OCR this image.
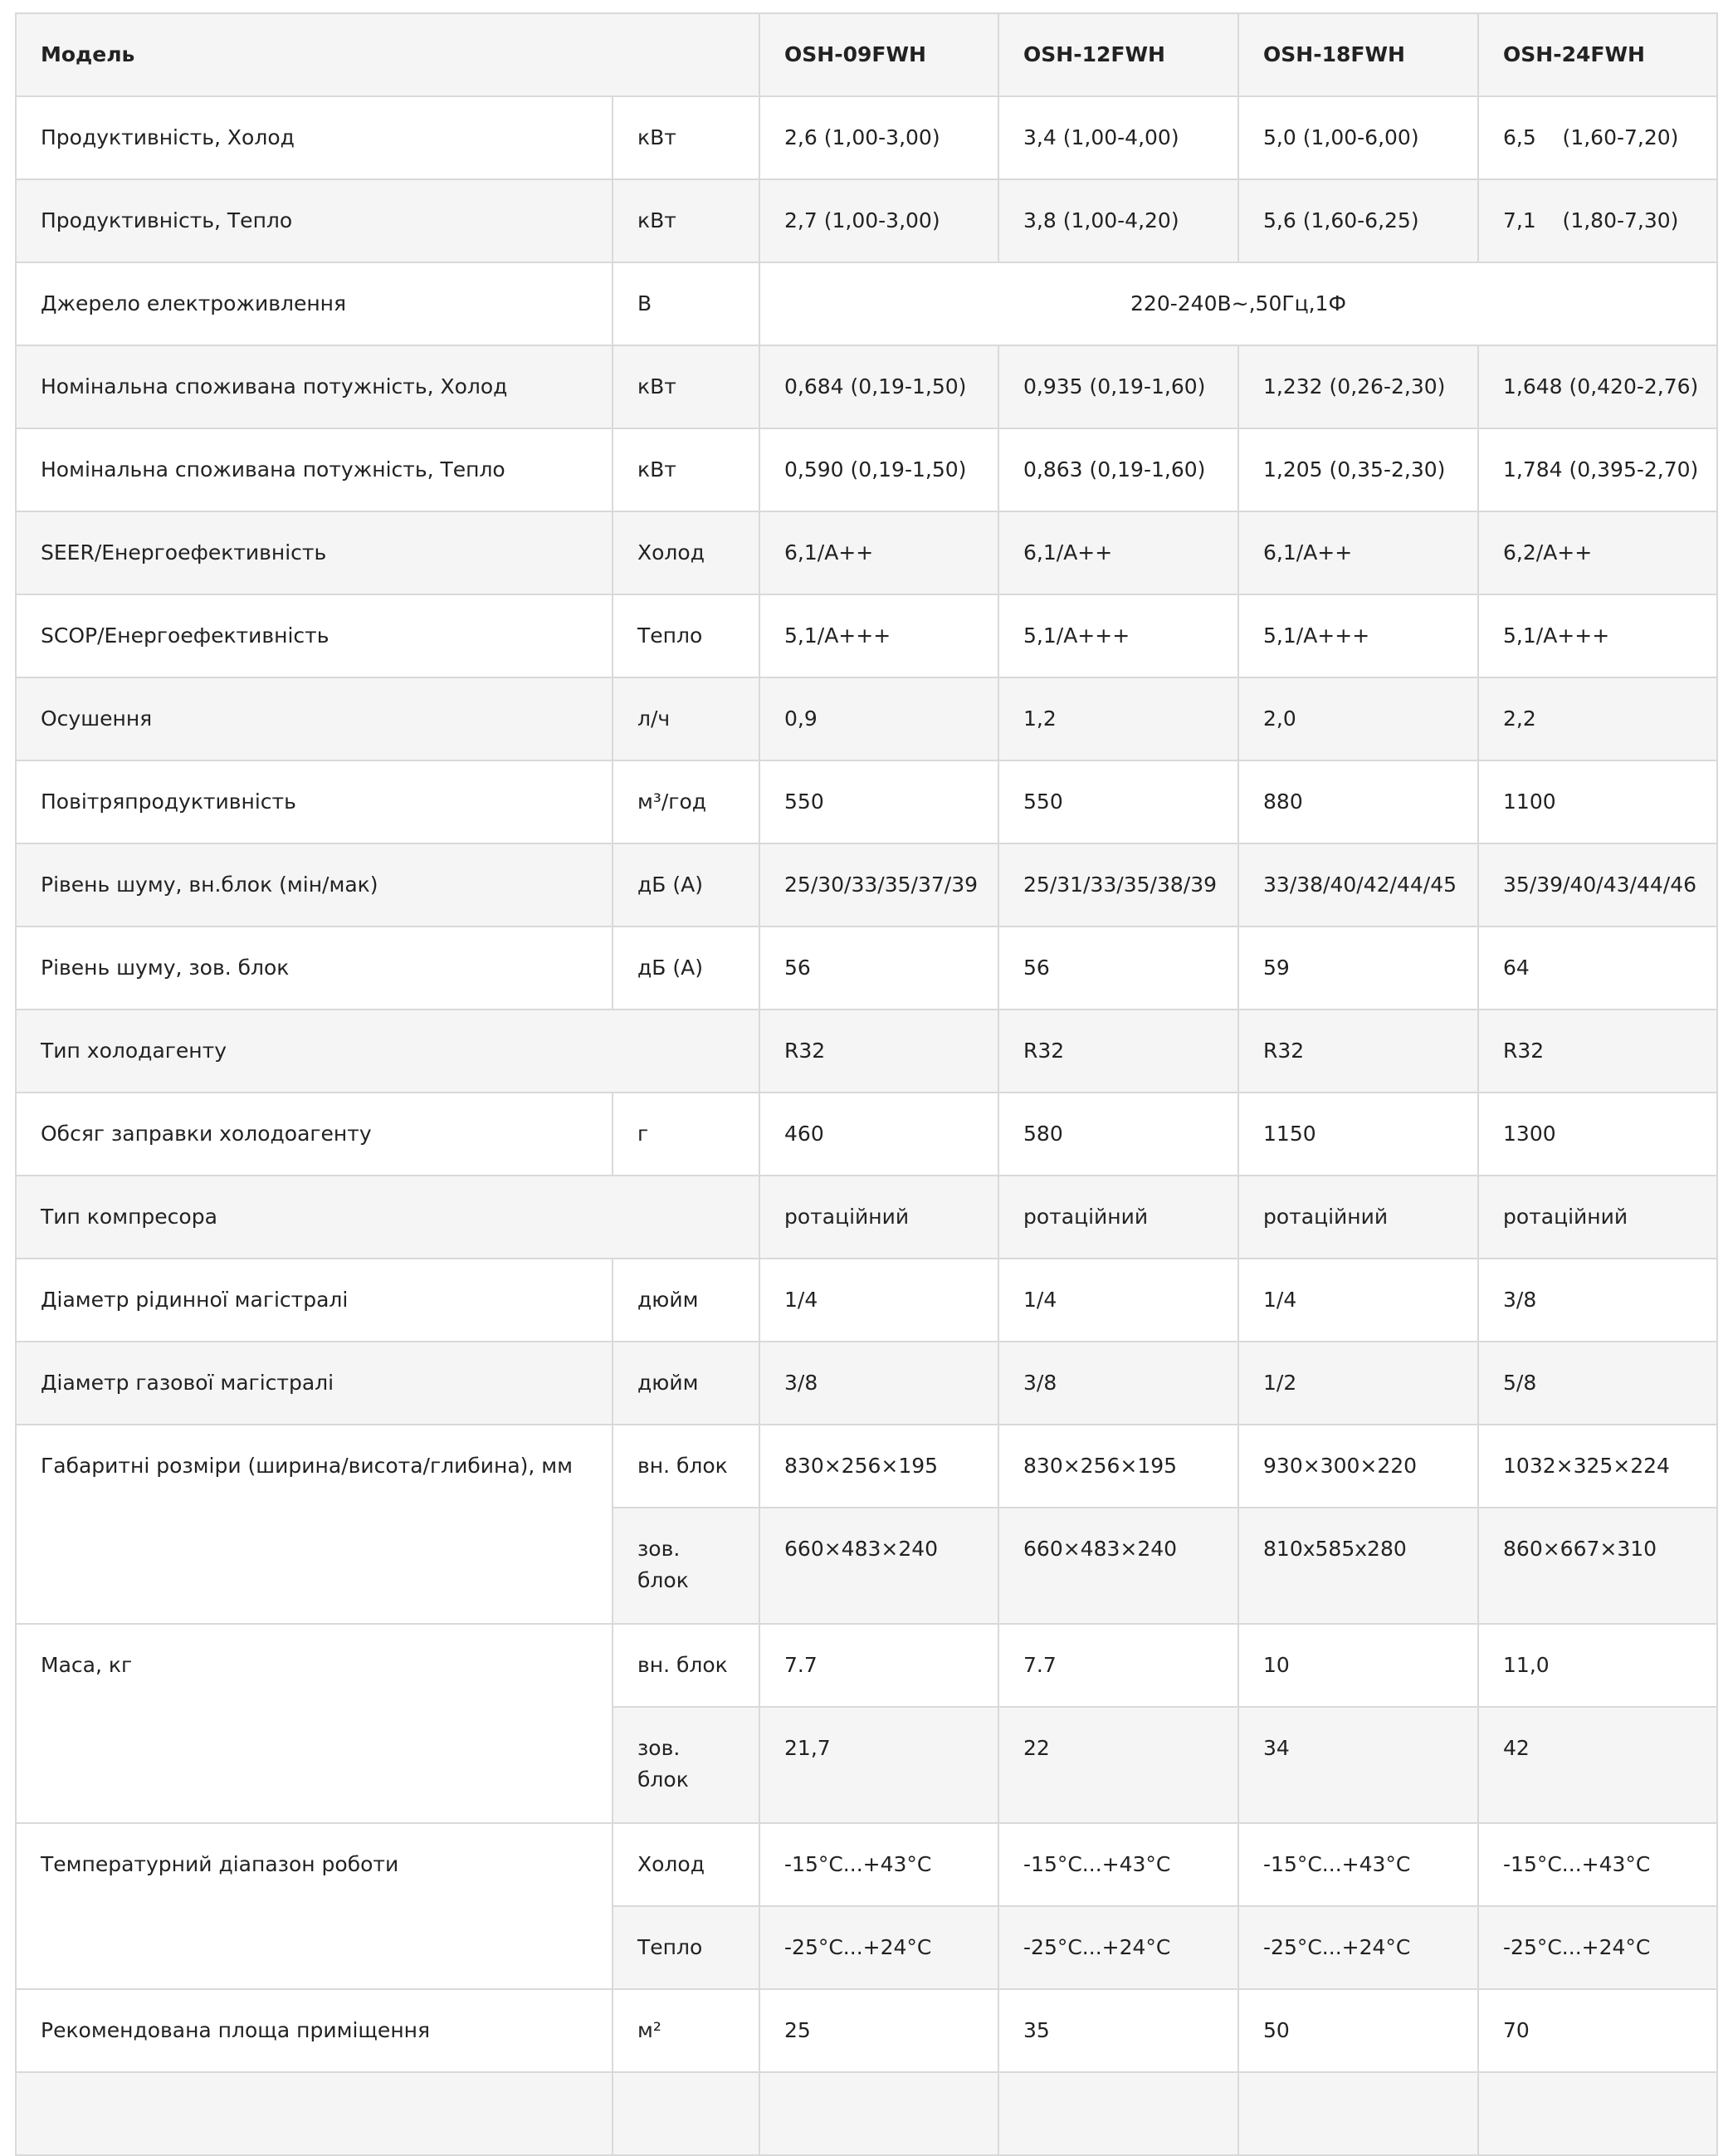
Модель		OSH-09FWH	OSH-12FWH	OSH-18FWH	OSH-24FWH
Продуктивність, Холод	кВт	2,6 (1,00-3,00)	3,4 (1,00-4,00)	5,0 (1,00-6,00)	6,5    (1,60-7,20)
Продуктивність, Тепло	кВт	2,7 (1,00-3,00)	3,8 (1,00-4,20)	5,6 (1,60-6,25)	7,1    (1,80-7,30)
Джерело електроживлення	В	220-240В~,50Гц,1Ф			
Номінальна споживана потужність, Холод	кВт	0,684 (0,19-1,50)	0,935 (0,19-1,60)	1,232 (0,26-2,30)	1,648 (0,420-2,76)
Номінальна споживана потужність, Тепло	кВт	0,590 (0,19-1,50)	0,863 (0,19-1,60)	1,205 (0,35-2,30)	1,784 (0,395-2,70)
SEER/Енергоефективність	Холод	6,1/A++	6,1/A++	6,1/A++	6,2/A++
SCOP/Енергоефективність	Тепло	5,1/A+++	5,1/A+++	5,1/A+++	5,1/A+++
Осушення	л/ч	0,9	1,2	2,0	2,2
Повітряпродуктивність	м³/год	550	550	880	1100
Рівень шуму, вн.блок (мін/мак)	дБ (А)	25/30/33/35/37/39	25/31/33/35/38/39	33/38/40/42/44/45	35/39/40/43/44/46
Рівень шуму, зов. блок	дБ (А)	56	56	59	64
Тип холодагенту		R32	R32	R32	R32
Обсяг заправки холодоагенту	г	460	580	1150	1300
Тип компресора		ротаційний	ротаційний	ротаційний	ротаційний
Діаметр рідинної магістралі	дюйм	1/4	1/4	1/4	3/8
Діаметр газової магістралі	дюйм	3/8	3/8	1/2	5/8
Габаритні розміри (ширина/висота/глибина), мм	вн. блок	830×256×195	830×256×195	930×300×220	1032×325×224
	зов. блок	660×483×240	660×483×240	810x585x280	860×667×310
Маса, кг	вн. блок	7.7	7.7	10	11,0
	зов. блок	21,7	22	34	42
Температурний діапазон роботи	Холод	-15°С...+43°С	-15°С...+43°С	-15°С...+43°С	-15°С...+43°С
	Тепло	-25°С...+24°С	-25°С...+24°С	-25°С...+24°С	-25°С...+24°С
Рекомендована площа приміщення	м²	25	35	50	70
